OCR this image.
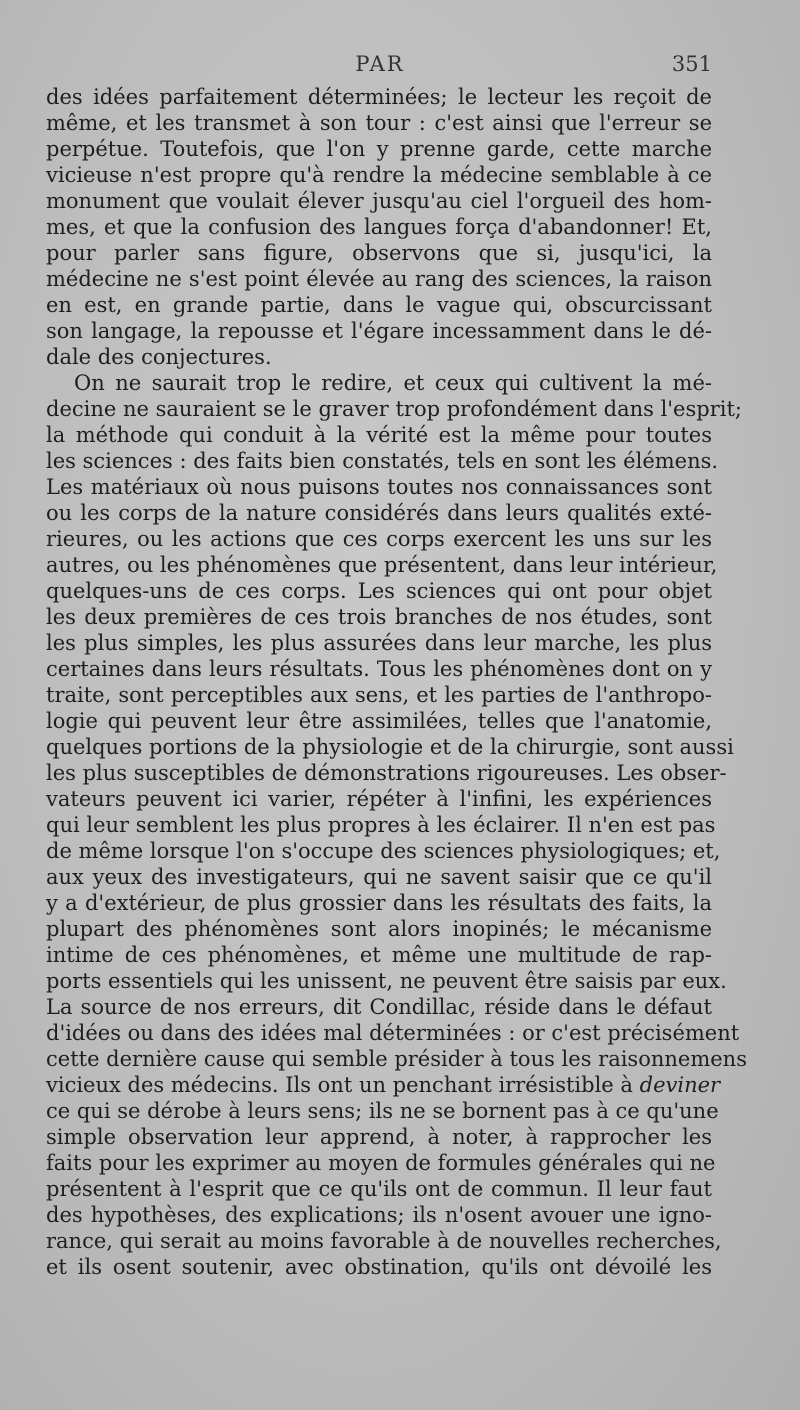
PAR	351
des idées parfaitement déterminées; le lecteur les reçoit de
même, et les transmet à son tour : c'est ainsi que l'erreur se
perpétue. Toutefois, que l'on y prenne garde, cette marche
vicieuse n'est propre qu'à rendre la médecine semblable à ce
monument que voulait élever jusqu'au ciel l'orgueil des hom-
mes, et que la confusion des langues força d'abandonner! Et,
pour parler sans figure, observons que si, jusqu'ici, la
médecine ne s'est point élevée au rang des sciences, la raison
en est, en grande partie, dans le vague qui, obscurcissant
son langage, la repousse et l'égare incessamment dans le dé-
dale des conjectures.
On ne saurait trop le redire, et ceux qui cultivent la mé-
decine ne sauraient se le graver trop profondément dans l'esprit;
la méthode qui conduit à la vérité est la même pour toutes
les sciences : des faits bien constatés, tels en sont les élémens.
Les matériaux où nous puisons toutes nos connaissances sont
ou les corps de la nature considérés dans leurs qualités exté-
rieures, ou les actions que ces corps exercent les uns sur les
autres, ou les phénomènes que présentent, dans leur intérieur,
quelques-uns de ces corps. Les sciences qui ont pour objet
les deux premières de ces trois branches de nos études, sont
les plus simples, les plus assurées dans leur marche, les plus
certaines dans leurs résultats. Tous les phénomènes dont on y
traite, sont perceptibles aux sens, et les parties de l'anthropo-
logie qui peuvent leur être assimilées, telles que l'anatomie,
quelques portions de la physiologie et de la chirurgie, sont aussi
les plus susceptibles de démonstrations rigoureuses. Les obser-
vateurs peuvent ici varier, répéter à l'infini, les expériences
qui leur semblent les plus propres à les éclairer. Il n'en est pas
de même lorsque l'on s'occupe des sciences physiologiques; et,
aux yeux des investigateurs, qui ne savent saisir que ce qu'il
y a d'extérieur, de plus grossier dans les résultats des faits, la
plupart des phénomènes sont alors inopinés; le mécanisme
intime de ces phénomènes, et même une multitude de rap-
ports essentiels qui les unissent, ne peuvent être saisis par eux.
La source de nos erreurs, dit Condillac, réside dans le défaut
d'idées ou dans des idées mal déterminées : or c'est précisément
cette dernière cause qui semble présider à tous les raisonnemens
vicieux des médecins. Ils ont un penchant irrésistible à deviner
ce qui se dérobe à leurs sens; ils ne se bornent pas à ce qu'une
simple observation leur apprend, à noter, à rapprocher les
faits pour les exprimer au moyen de formules générales qui ne
présentent à l'esprit que ce qu'ils ont de commun. Il leur faut
des hypothèses, des explications; ils n'osent avouer une igno-
rance, qui serait au moins favorable à de nouvelles recherches,
et ils osent soutenir, avec obstination, qu'ils ont dévoilé les
